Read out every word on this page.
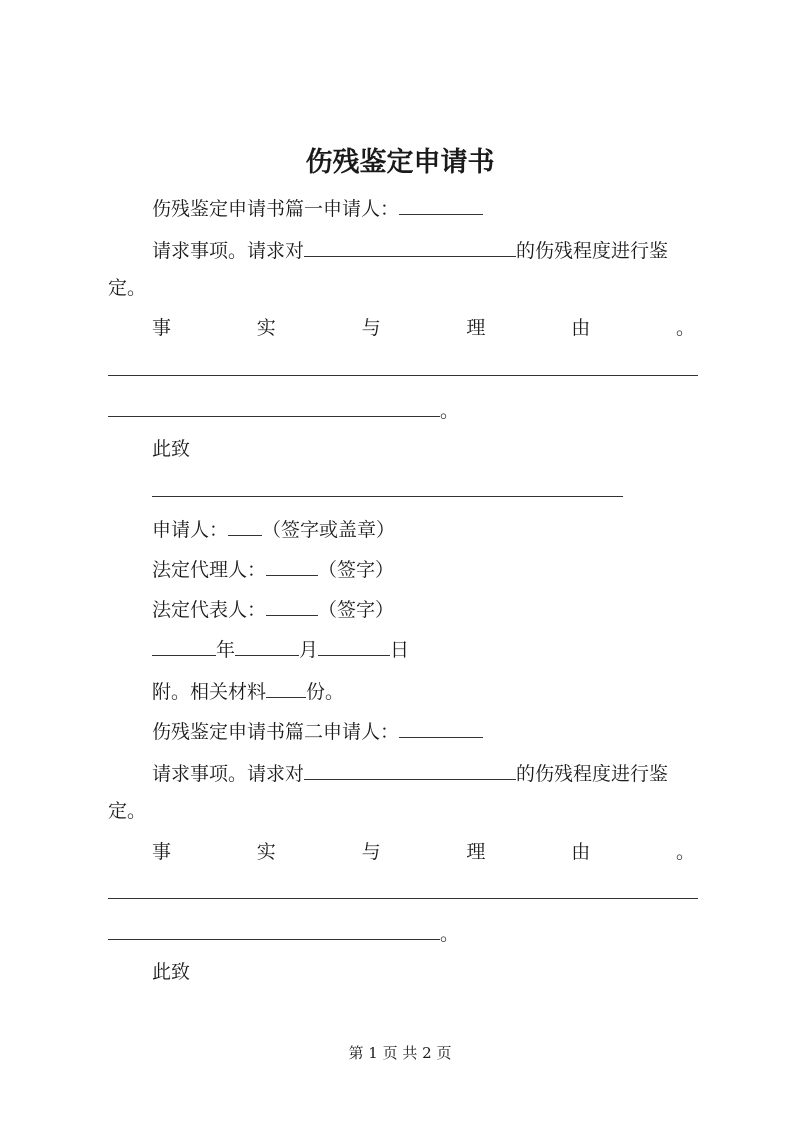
伤残鉴定申请书
伤残鉴定申请书篇一申请人：
请求事项。请求对	的伤残程度进行鉴
定。
事	实	与	理	由	。
。
此致
申请人： （签字或盖章）
法定代理人：	（签字）
法定代表人：	（签字）
年	月	日
附。相关材料 份。
伤残鉴定申请书篇二申请人：
请求事项。请求对	的伤残程度进行鉴
定。
事	实	与	理	由	。
。
此致
第 1 页 共 2 页
